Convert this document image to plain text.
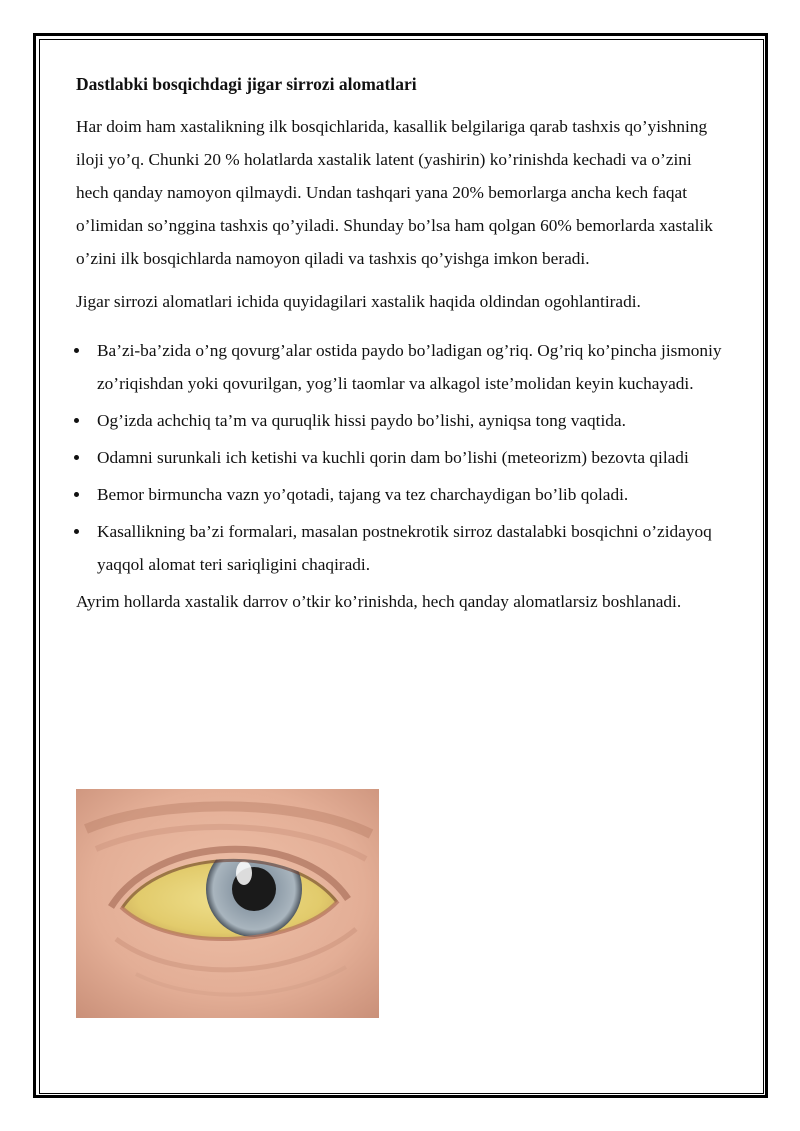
Dastlabki bosqichdagi jigar sirrozi alomatlari

Har doim ham xastalikning ilk bosqichlarida, kasallik belgilariga qarab tashxis qo’yishning iloji yo’q. Chunki 20 % holatlarda xastalik latent (yashirin) ko’rinishda kechadi va o’zini hech qanday namoyon qilmaydi. Undan tashqari yana 20% bemorlarga ancha kech faqat o’limidan so’nggina tashxis qo’yiladi. Shunday bo’lsa ham qolgan 60% bemorlarda xastalik o’zini ilk bosqichlarda namoyon qiladi va tashxis qo’yishga imkon beradi.

Jigar sirrozi alomatlari ichida quyidagilari xastalik haqida oldindan ogohlantiradi.

Ba’zi-ba’zida o’ng qovurg’alar ostida paydo bo’ladigan og’riq. Og’riq ko’pincha jismoniy zo’riqishdan yoki qovurilgan, yog’li taomlar va alkagol iste’molidan keyin kuchayadi.
Og’izda achchiq ta’m va quruqlik hissi paydo bo’lishi, ayniqsa tong vaqtida.
Odamni surunkali ich ketishi va kuchli qorin dam bo’lishi (meteorizm) bezovta qiladi
Bemor birmuncha vazn yo’qotadi, tajang va tez charchaydigan bo’lib qoladi.
Kasallikning ba’zi formalari, masalan postnekrotik sirroz dastalabki bosqichni o’zidayoq yaqqol alomat teri sariqligini chaqiradi.

Ayrim hollarda xastalik darrov o’tkir ko’rinishda, hech qanday alomatlarsiz boshlanadi.
